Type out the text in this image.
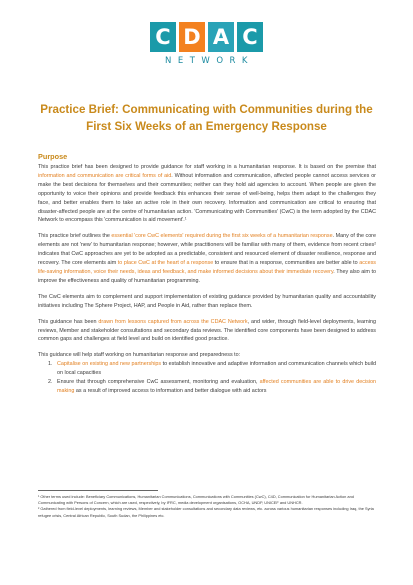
C D A C
NETWORK
Practice Brief: Communicating with Communities during the
First Six Weeks of an Emergency Response
Purpose

This practice brief has been designed to provide guidance for staff working in a humanitarian response. It is based on the premise that information and communication are critical forms of aid. Without information and communication, affected people cannot access services or make the best decisions for themselves and their communities; neither can they hold aid agencies to account. When people are given the opportunity to voice their opinions and provide feedback this enhances their sense of well-being, helps them adapt to the challenges they face, and better enables them to take an active role in their own recovery. Information and communication are critical to ensuring that disaster-affected people are at the centre of humanitarian action. 'Communicating with Communities' (CwC) is the term adopted by the CDAC Network to encompass this 'communication is aid movement'.¹

This practice brief outlines the essential 'core CwC elements' required during the first six weeks of a humanitarian response. Many of the core elements are not 'new' to humanitarian response; however, while practitioners will be familiar with many of them, evidence from recent crises² indicates that CwC approaches are yet to be adopted as a predictable, consistent and resourced element of disaster resilience, response and recovery. The core elements aim to place CwC at the heart of a response to ensure that in a response, communities are better able to access life-saving information, voice their needs, ideas and feedback, and make informed decisions about their immediate recovery. They also aim to improve the effectiveness and quality of humanitarian programming.

The CwC elements aim to complement and support implementation of existing guidance provided by humanitarian quality and accountability initiatives including The Sphere Project, HAP, and People in Aid, rather than replace them.

This guidance has been drawn from lessons captured from across the CDAC Network, and wider, through field-level deployments, learning reviews, Member and stakeholder consultations and secondary data reviews. The identified core components have been designed to address common gaps and challenges at field level and build on identified good practice.

This guidance will help staff working on humanitarian response and preparedness to:

1. Capitalise on existing and new partnerships to establish innovative and adaptive information and communication channels which build on local capacities
2. Ensure that through comprehensive CwC assessment, monitoring and evaluation, affected communities are able to drive decision making as a result of improved access to information and better dialogue with aid actors

¹ Other terms used include: Beneficiary Communications, Humanitarian Communications, Communications with Communities (CwC), C4D, Communication for Humanitarian Action and Communicating with Persons of Concern, which are used, respectively, by IFRC, media development organisations, OCHA, UNDP, UNICEF and UNHCR.

² Gathered from field-level deployments, learning reviews, Member and stakeholder consultations and secondary data reviews, etc. across various humanitarian responses including Iraq, the Syria refugee crisis, Central African Republic, South Sudan, the Philippines etc.
